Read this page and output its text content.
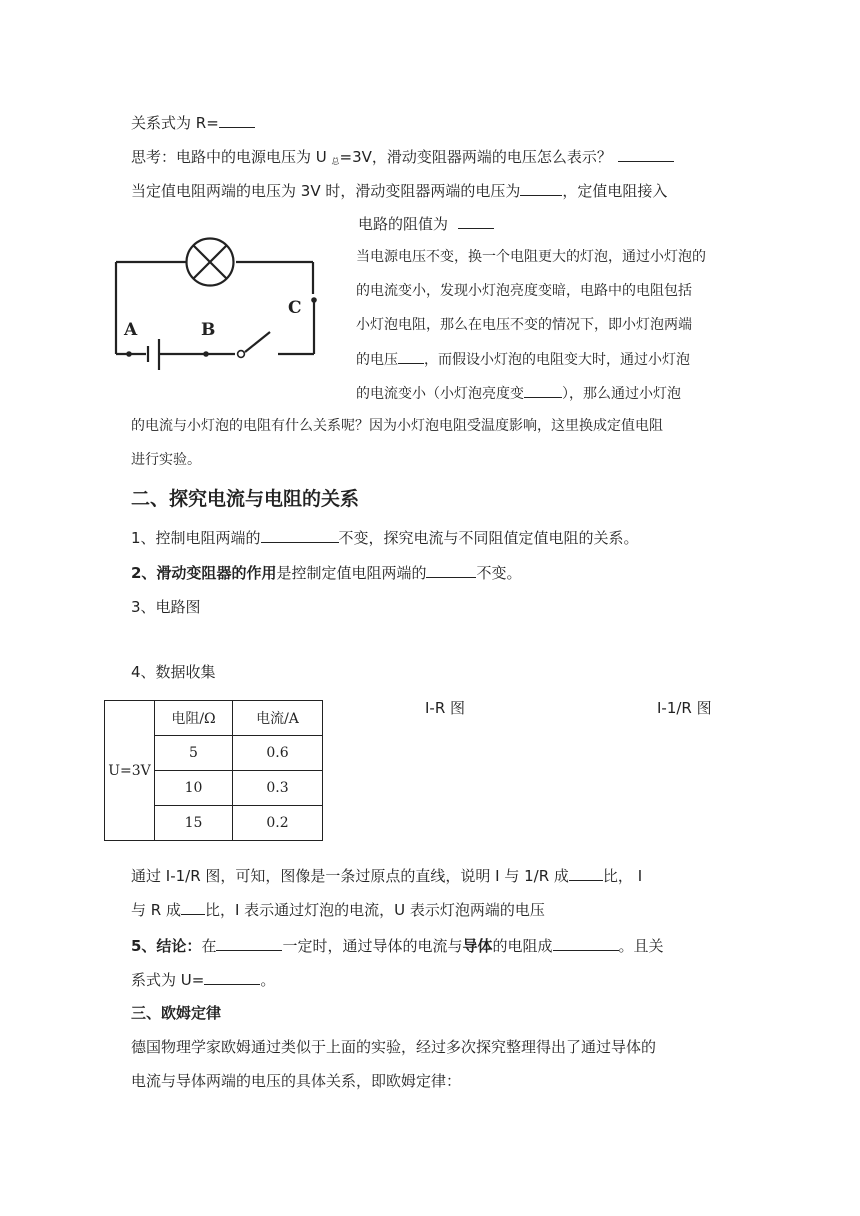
关系式为 R=
思考：电路中的电源电压为 U $_总$=3V，滑动变阻器两端的电压怎么表示？
当定值电阻两端的电压为 3V 时，滑动变阻器两端的电压为	，定值电阻接入
电路的阻值为
A	B
C
当电源电压不变，换一个电阻更大的灯泡，通过小灯泡的
的电流变小，发现小灯泡亮度变暗，电路中的电阻包括
小灯泡电阻，那么在电压不变的情况下，即小灯泡两端
的电压 ，而假设小灯泡的电阻变大时，通过小灯泡
的电流变小（小灯泡亮度变	），那么通过小灯泡
的电流与小灯泡的电阻有什么关系呢？因为小灯泡电阻受温度影响，这里换成定值电阻
进行实验。
二、探究电流与电阻的关系
1、控制电阻两端的	不变，探究电流与不同阻值定值电阻的关系。
2、滑动变阻器的作用是控制定值电阻两端的	不变。
3、电路图
4、数据收集
U=3V	电阻/Ω	电流/A
	5	0.6
	10	0.3
	15	0.2
I-R 图	I-1/R 图
通过 I-1/R 图，可知，图像是一条过原点的直线，说明 I 与 1/R 成 比， I
与 R 成 比，I 表示通过灯泡的电流，U 表示灯泡两端的电压
5、结论：在	一定时，通过导体的电流与导体的电阻成	。且关
系式为 U=	。
三、欧姆定律
德国物理学家欧姆通过类似于上面的实验，经过多次探究整理得出了通过导体的
电流与导体两端的电压的具体关系，即欧姆定律：
